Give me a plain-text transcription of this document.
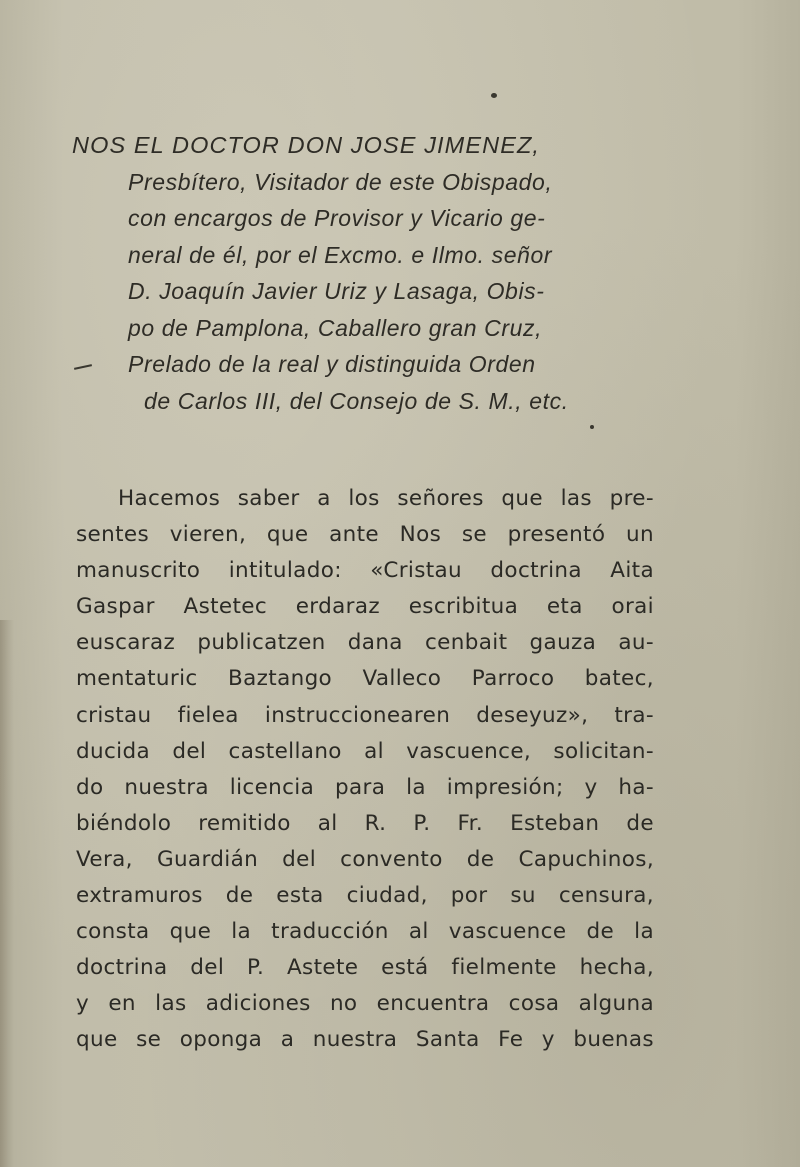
NOS EL DOCTOR DON JOSE JIMENEZ,
Presbítero, Visitador de este Obispado,
con encargos de Provisor y Vicario ge-
neral de él, por el Excmo. e Ilmo. señor
D. Joaquín Javier Uriz y Lasaga, Obis-
po de Pamplona, Caballero gran Cruz,
Prelado de la real y distinguida Orden
de Carlos III, del Consejo de S. M., etc.
Hacemos saber a los señores que las pre-
sentes vieren, que ante Nos se presentó un
manuscrito intitulado: «Cristau doctrina Aita
Gaspar Astetec erdaraz escribitua eta orai
euscaraz publicatzen dana cenbait gauza au-
mentaturic Baztango Valleco Parroco batec,
cristau fielea instruccionearen deseyuz», tra-
ducida del castellano al vascuence, solicitan-
do nuestra licencia para la impresión; y ha-
biéndolo remitido al R. P. Fr. Esteban de
Vera, Guardián del convento de Capuchinos,
extramuros de esta ciudad, por su censura,
consta que la traducción al vascuence de la
doctrina del P. Astete está fielmente hecha,
y en las adiciones no encuentra cosa alguna
que se oponga a nuestra Santa Fe y buenas
